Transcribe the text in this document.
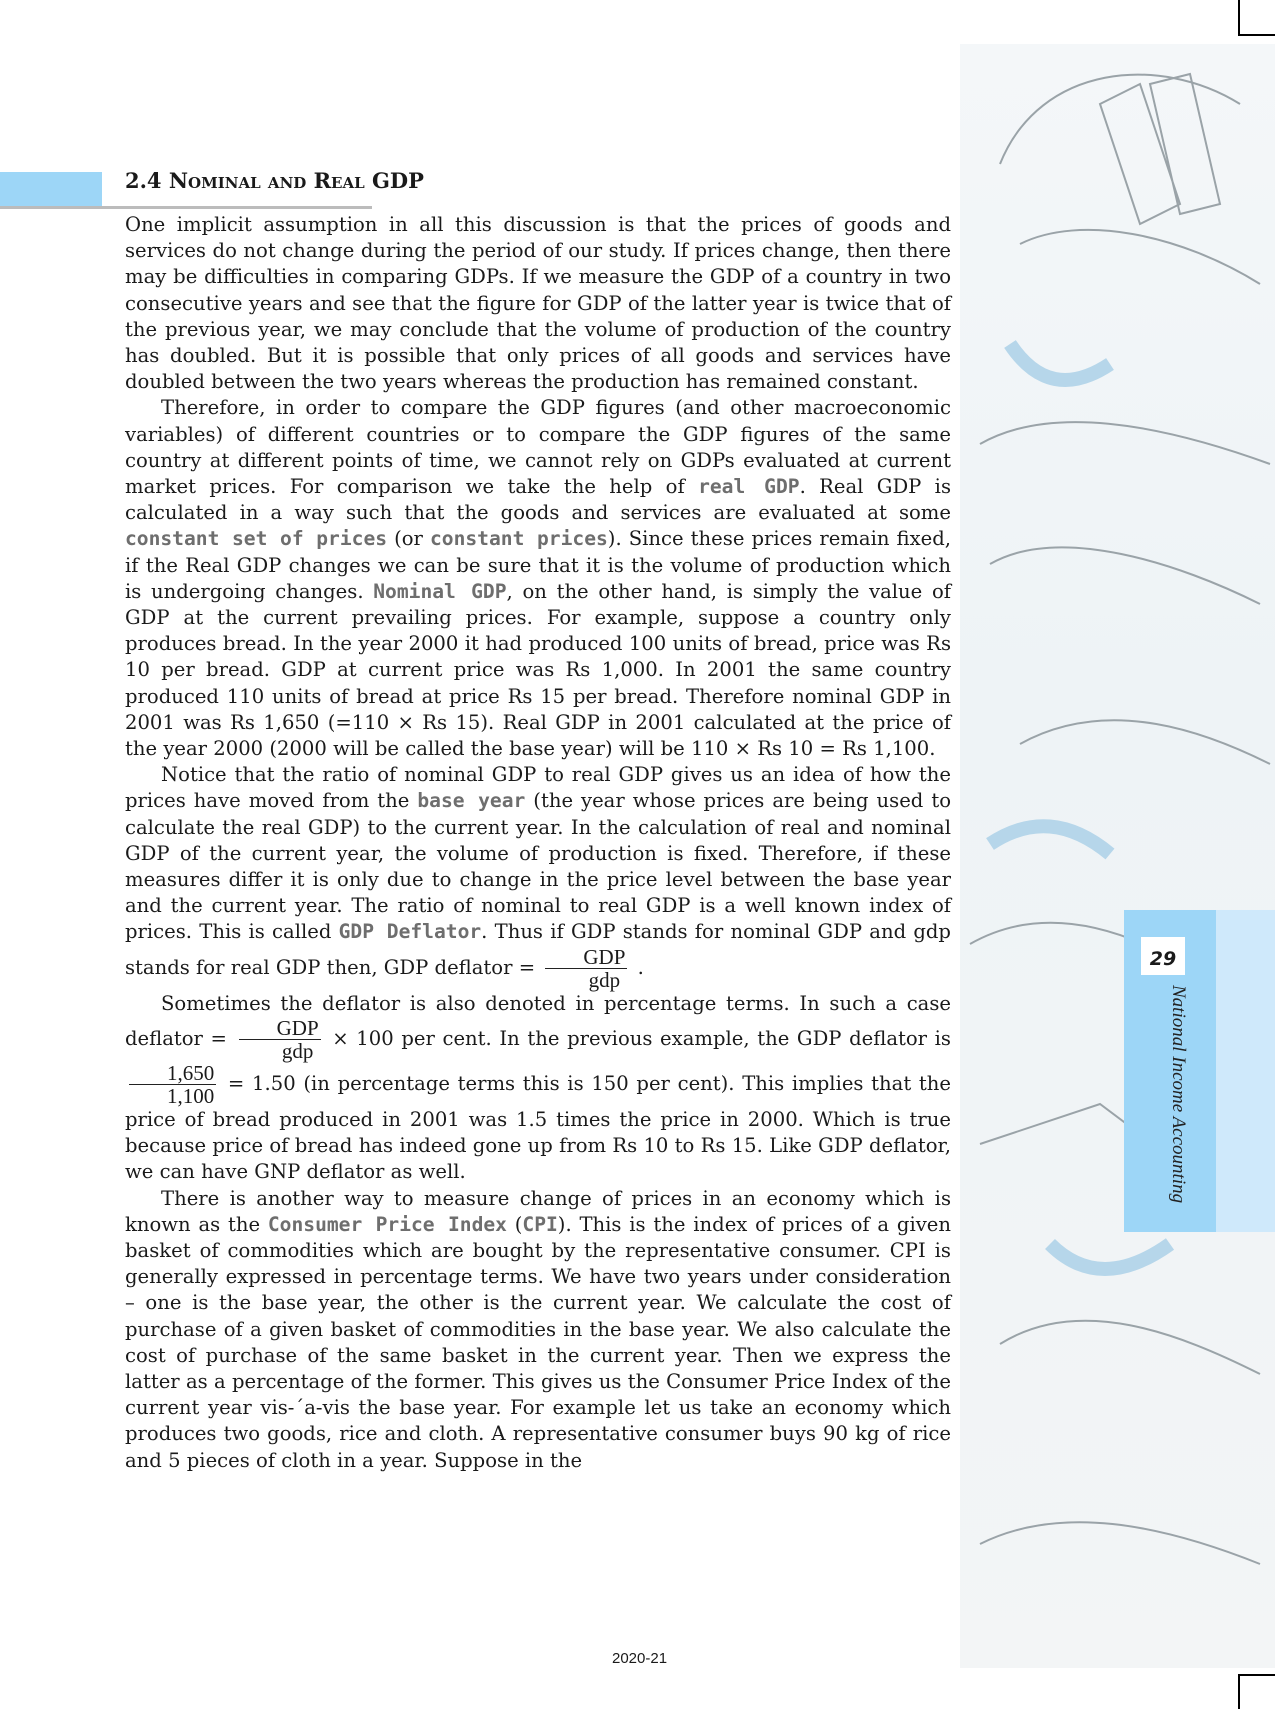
29
National Income Accounting
2.4 Nominal and Real GDP

One implicit assumption in all this discussion is that the prices of goods and services do not change during the period of our study. If prices change, then there may be difficulties in comparing GDPs. If we measure the GDP of a country in two consecutive years and see that the figure for GDP of the latter year is twice that of the previous year, we may conclude that the volume of production of the country has doubled. But it is possible that only prices of all goods and services have doubled between the two years whereas the production has remained constant.

Therefore, in order to compare the GDP figures (and other macroeconomic variables) of different countries or to compare the GDP figures of the same country at different points of time, we cannot rely on GDPs evaluated at current market prices. For comparison we take the help of real GDP. Real GDP is calculated in a way such that the goods and services are evaluated at some constant set of prices (or constant prices). Since these prices remain fixed, if the Real GDP changes we can be sure that it is the volume of production which is undergoing changes. Nominal GDP, on the other hand, is simply the value of GDP at the current prevailing prices. For example, suppose a country only produces bread. In the year 2000 it had produced 100 units of bread, price was Rs 10 per bread. GDP at current price was Rs 1,000. In 2001 the same country produced 110 units of bread at price Rs 15 per bread. Therefore nominal GDP in 2001 was Rs 1,650 (=110 × Rs 15). Real GDP in 2001 calculated at the price of the year 2000 (2000 will be called the base year) will be 110 × Rs 10 = Rs 1,100.

Notice that the ratio of nominal GDP to real GDP gives us an idea of how the prices have moved from the base year (the year whose prices are being used to calculate the real GDP) to the current year. In the calculation of real and nominal GDP of the current year, the volume of production is fixed. Therefore, if these measures differ it is only due to change in the price level between the base year and the current year. The ratio of nominal to real GDP is a well known index of prices. This is called GDP Deflator. Thus if GDP stands for nominal GDP and gdp stands for real GDP then, GDP deflator = $\frac{\text{GDP}}{\text{gdp}}$ .

Sometimes the deflator is also denoted in percentage terms. In such a case deflator = $\frac{\text{GDP}}{\text{gdp}} \times 100$ per cent. In the previous example, the GDP deflator is
$\frac{1,650}{1,100} = 1.50$ (in percentage terms this is 150 per cent). This implies that the price of bread produced in 2001 was 1.5 times the price in 2000. Which is true because price of bread has indeed gone up from Rs 10 to Rs 15. Like GDP deflator, we can have GNP deflator as well.

There is another way to measure change of prices in an economy which is known as the Consumer Price Index (CPI). This is the index of prices of a given basket of commodities which are bought by the representative consumer. CPI is generally expressed in percentage terms. We have two years under consideration – one is the base year, the other is the current year. We calculate the cost of purchase of a given basket of commodities in the base year. We also calculate the cost of purchase of the same basket in the current year. Then we express the latter as a percentage of the former. This gives us the Consumer Price Index of the current year vis-´a-vis the base year. For example let us take an economy which produces two goods, rice and cloth. A representative consumer buys 90 kg of rice and 5 pieces of cloth in a year. Suppose in the

2020-21
